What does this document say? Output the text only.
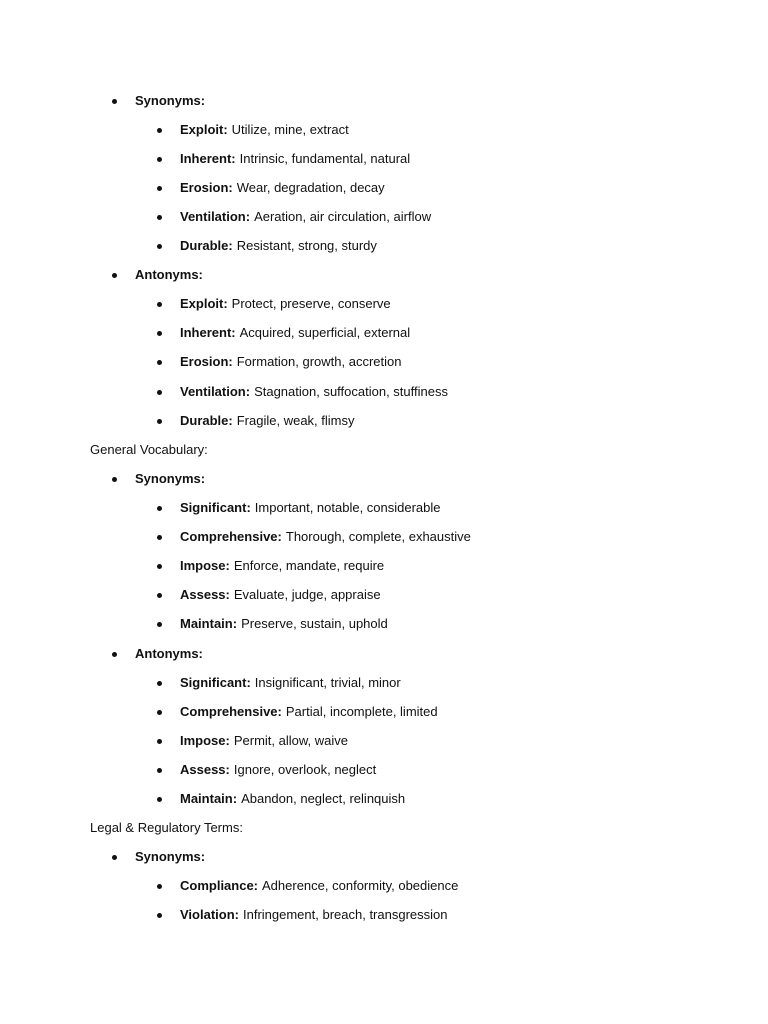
Synonyms:
Exploit: Utilize, mine, extract
Inherent: Intrinsic, fundamental, natural
Erosion: Wear, degradation, decay
Ventilation: Aeration, air circulation, airflow
Durable: Resistant, strong, sturdy
Antonyms:
Exploit: Protect, preserve, conserve
Inherent: Acquired, superficial, external
Erosion: Formation, growth, accretion
Ventilation: Stagnation, suffocation, stuffiness
Durable: Fragile, weak, flimsy
General Vocabulary:
Synonyms:
Significant: Important, notable, considerable
Comprehensive: Thorough, complete, exhaustive
Impose: Enforce, mandate, require
Assess: Evaluate, judge, appraise
Maintain: Preserve, sustain, uphold
Antonyms:
Significant: Insignificant, trivial, minor
Comprehensive: Partial, incomplete, limited
Impose: Permit, allow, waive
Assess: Ignore, overlook, neglect
Maintain: Abandon, neglect, relinquish
Legal & Regulatory Terms:
Synonyms:
Compliance: Adherence, conformity, obedience
Violation: Infringement, breach, transgression
